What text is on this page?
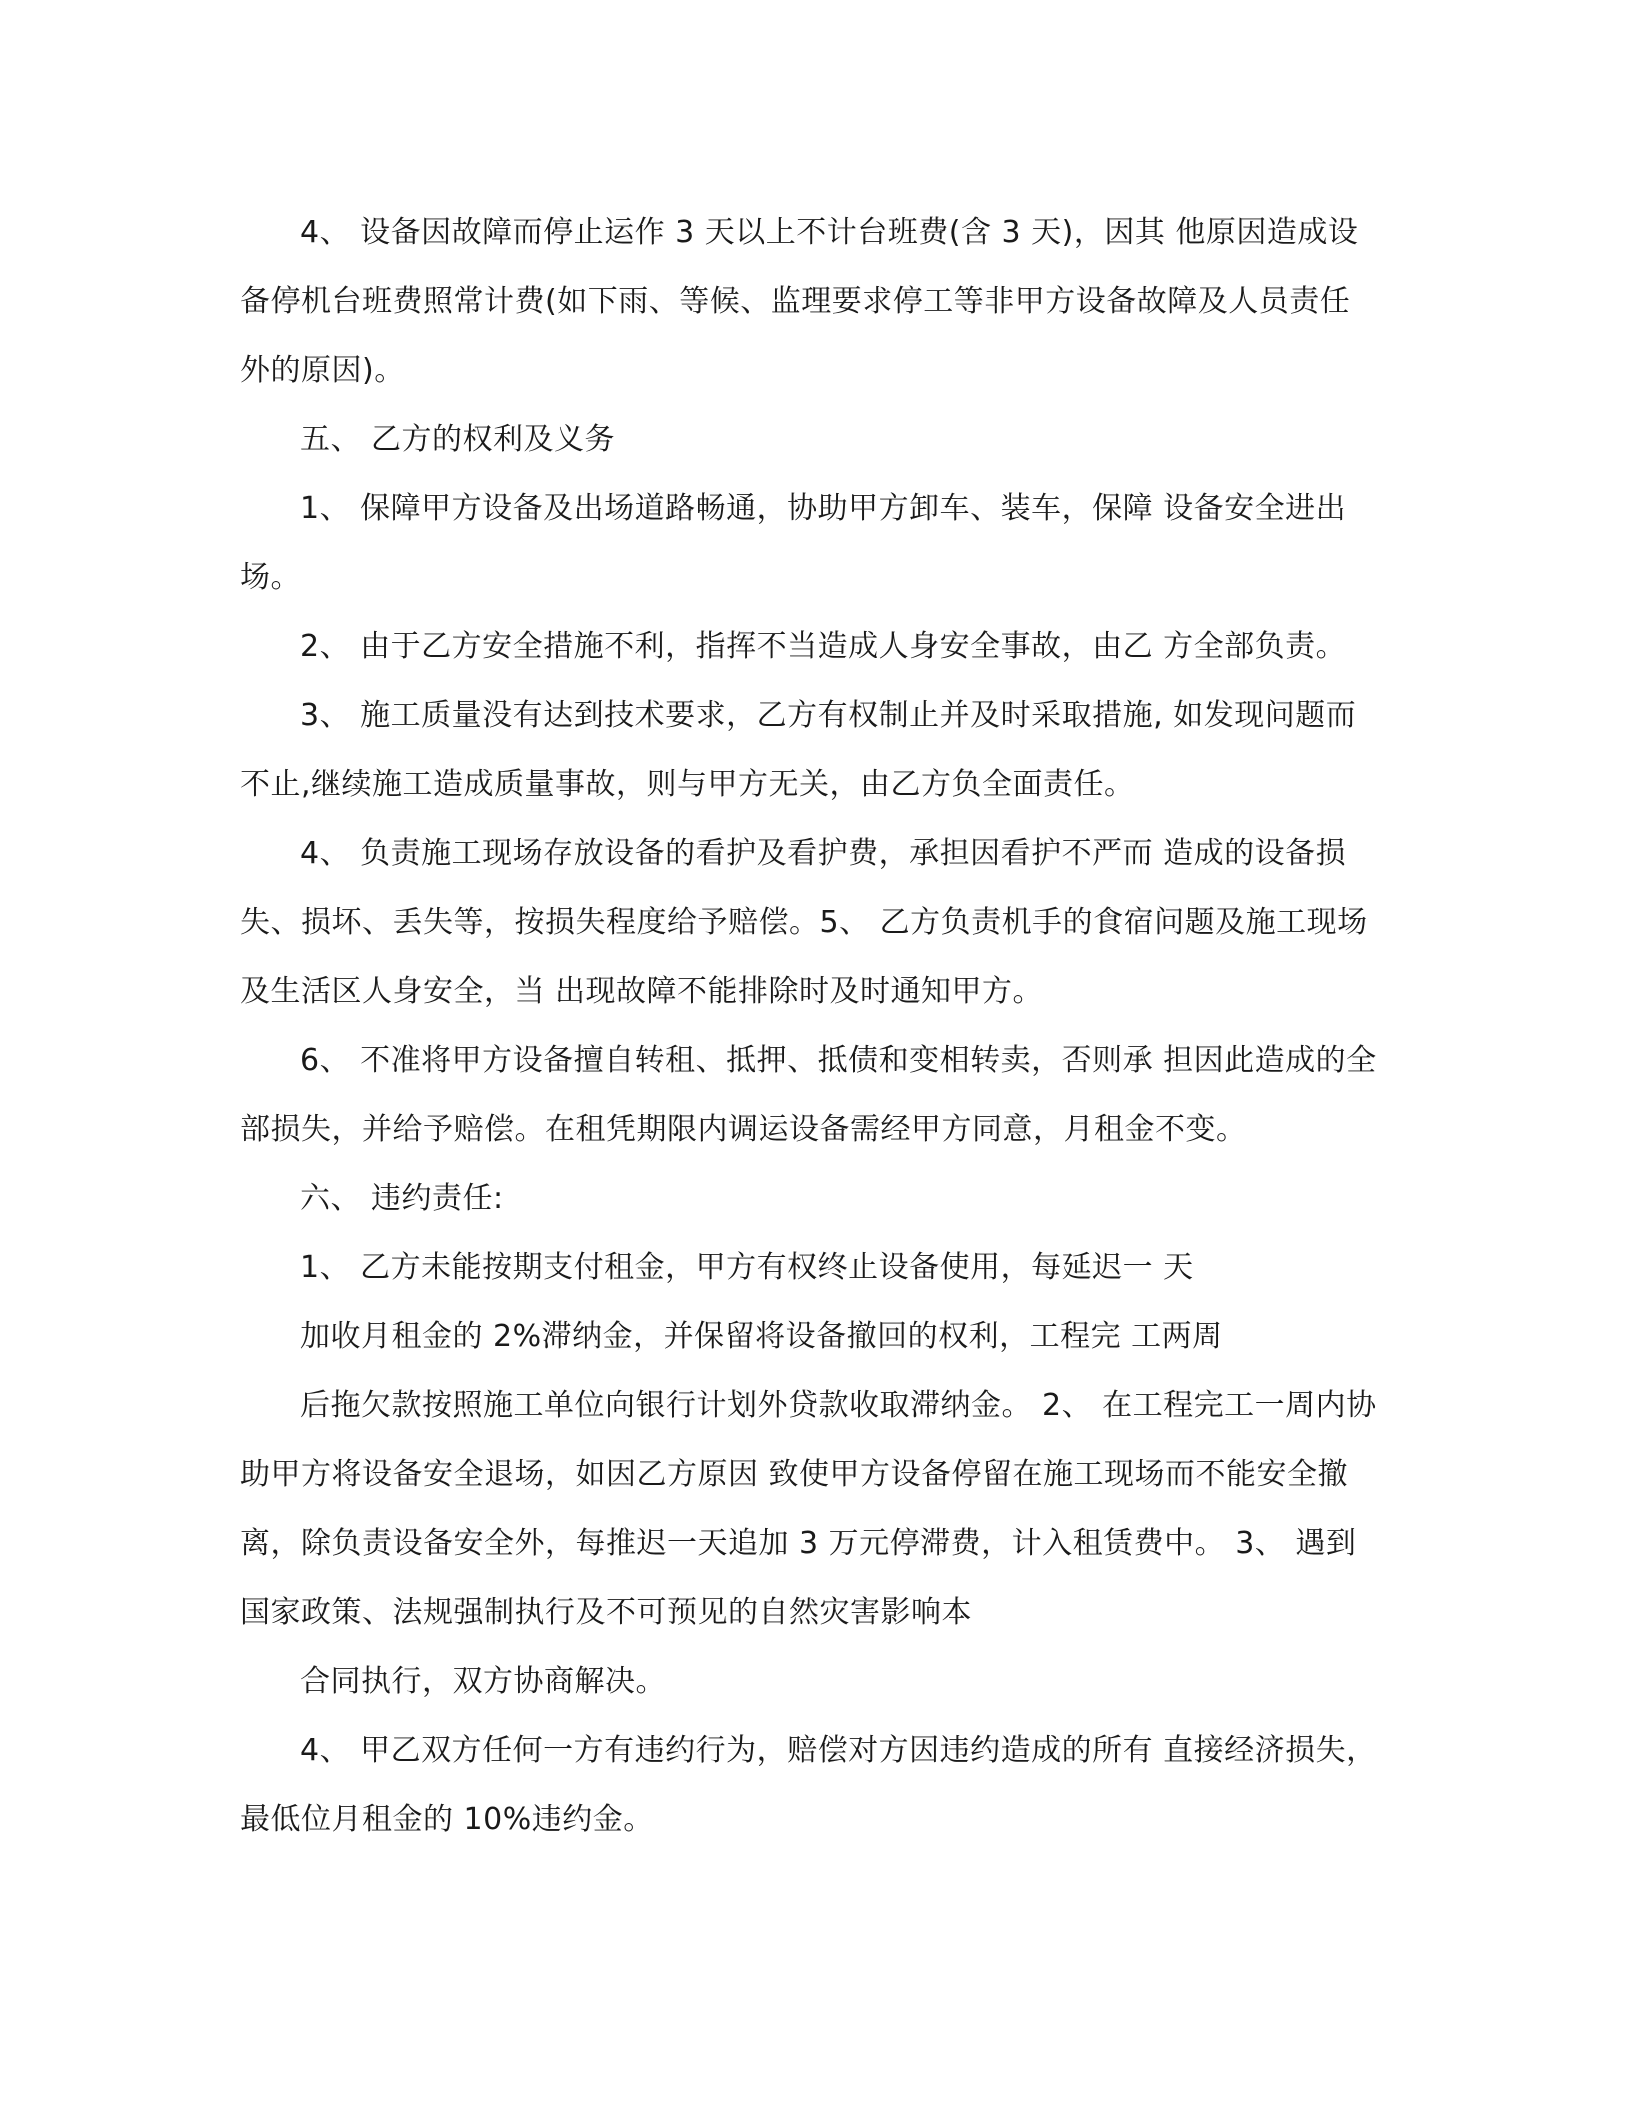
4、 设备因故障而停止运作 3 天以上不计台班费(含 3 天)，因其 他原因造成设备停机台班费照常计费(如下雨、等候、监理要求停工等非甲方设备故障及人员责任外的原因)。

五、 乙方的权利及义务

1、 保障甲方设备及出场道路畅通，协助甲方卸车、装车，保障 设备安全进出场。

2、 由于乙方安全措施不利，指挥不当造成人身安全事故，由乙 方全部负责。

3、 施工质量没有达到技术要求，乙方有权制止并及时采取措施, 如发现问题而不止,继续施工造成质量事故，则与甲方无关，由乙方负全面责任。

4、 负责施工现场存放设备的看护及看护费，承担因看护不严而 造成的设备损失、损坏、丢失等，按损失程度给予赔偿。5、 乙方负责机手的食宿问题及施工现场及生活区人身安全，当 出现故障不能排除时及时通知甲方。

6、 不准将甲方设备擅自转租、抵押、抵债和变相转卖，否则承 担因此造成的全部损失，并给予赔偿。在租凭期限内调运设备需经甲方同意，月租金不变。

六、 违约责任:

1、 乙方未能按期支付租金，甲方有权终止设备使用，每延迟一 天

加收月租金的 2%滞纳金，并保留将设备撤回的权利，工程完 工两周

后拖欠款按照施工单位向银行计划外贷款收取滞纳金。 2、 在工程完工一周内协助甲方将设备安全退场，如因乙方原因 致使甲方设备停留在施工现场而不能安全撤离，除负责设备安全外，每推迟一天追加 3 万元停滞费，计入租赁费中。 3、 遇到国家政策、法规强制执行及不可预见的自然灾害影响本

合同执行，双方协商解决。

4、 甲乙双方任何一方有违约行为，赔偿对方因违约造成的所有 直接经济损失，最低位月租金的 10%违约金。
